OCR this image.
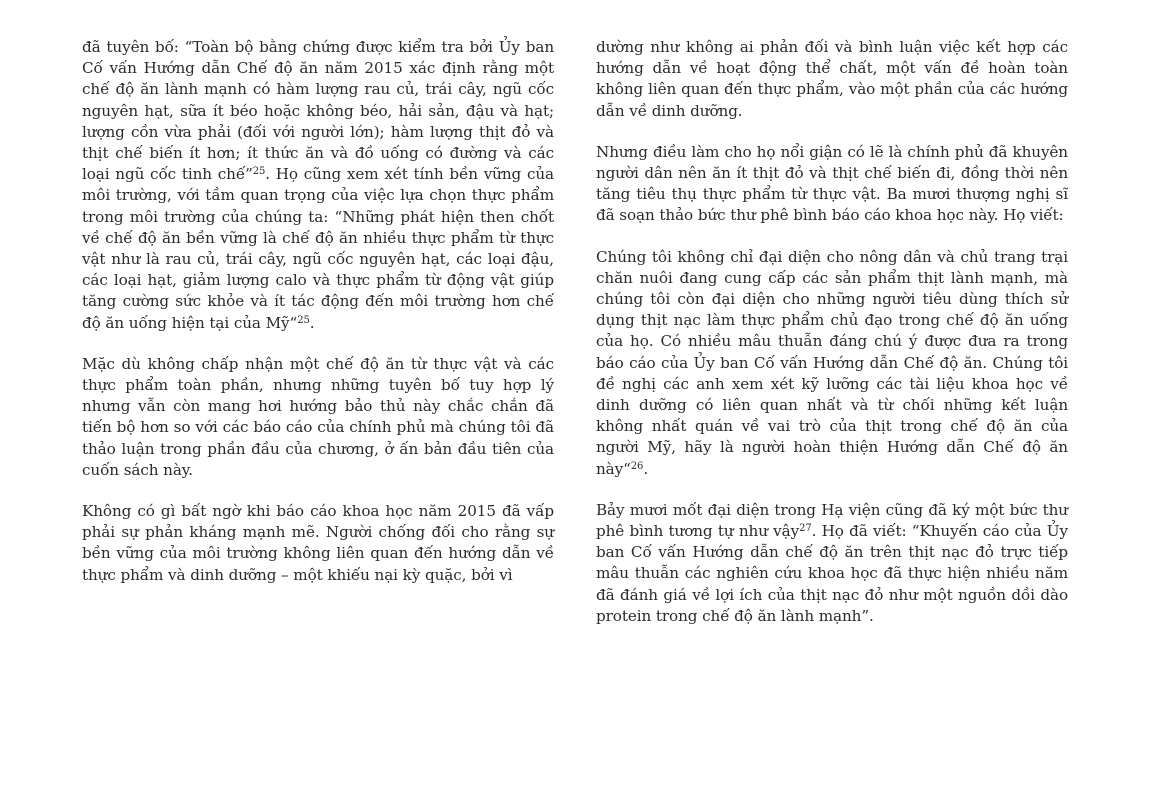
đã tuyên bố: “Toàn bộ bằng chứng được kiểm tra bởi Ủy ban Cố vấn Hướng dẫn Chế độ ăn năm 2015 xác định rằng một chế độ ăn lành mạnh có hàm lượng rau củ, trái cây, ngũ cốc nguyên hạt, sữa ít béo hoặc không béo, hải sản, đậu và hạt; lượng cồn vừa phải (đối với người lớn); hàm lượng thịt đỏ và thịt chế biến ít hơn; ít thức ăn và đồ uống có đường và các loại ngũ cốc tinh chế”$^{25}$. Họ cũng xem xét tính bền vững của môi trường, với tầm quan trọng của việc lựa chọn thực phẩm trong môi trường của chúng ta: “Những phát hiện then chốt về chế độ ăn bền vững là chế độ ăn nhiều thực phẩm từ thực vật như là rau củ, trái cây, ngũ cốc nguyên hạt, các loại đậu, các loại hạt, giảm lượng calo và thực phẩm từ động vật giúp tăng cường sức khỏe và ít tác động đến môi trường hơn chế độ ăn uống hiện tại của Mỹ“$^{25}$.

Mặc dù không chấp nhận một chế độ ăn từ thực vật và các thực phẩm toàn phần, nhưng những tuyên bố tuy hợp lý nhưng vẫn còn mang hơi hướng bảo thủ này chắc chắn đã tiến bộ hơn so với các báo cáo của chính phủ mà chúng tôi đã thảo luận trong phần đầu của chương, ở ấn bản đầu tiên của cuốn sách này.

Không có gì bất ngờ khi báo cáo khoa học năm 2015 đã vấp phải sự phản kháng mạnh mẽ. Người chống đối cho rằng sự bền vững của môi trường không liên quan đến hướng dẫn về thực phẩm và dinh dưỡng – một khiếu nại kỳ quặc, bởi vì

dường như không ai phản đối và bình luận việc kết hợp các hướng dẫn về hoạt động thể chất, một vấn đề hoàn toàn không liên quan đến thực phẩm, vào một phần của các hướng dẫn về dinh dưỡng.

Nhưng điều làm cho họ nổi giận có lẽ là chính phủ đã khuyên người dân nên ăn ít thịt đỏ và thịt chế biến đi, đồng thời nên tăng tiêu thụ thực phẩm từ thực vật. Ba mươi thượng nghị sĩ đã soạn thảo bức thư phê bình báo cáo khoa học này. Họ viết:

Chúng tôi không chỉ đại diện cho nông dân và chủ trang trại chăn nuôi đang cung cấp các sản phẩm thịt lành mạnh, mà chúng tôi còn đại diện cho những người tiêu dùng thích sử dụng thịt nạc làm thực phẩm chủ đạo trong chế độ ăn uống của họ. Có nhiều mâu thuẫn đáng chú ý được đưa ra trong báo cáo của Ủy ban Cố vấn Hướng dẫn Chế độ ăn. Chúng tôi đề nghị các anh xem xét kỹ lưỡng các tài liệu khoa học về dinh dưỡng có liên quan nhất và từ chối những kết luận không nhất quán về vai trò của thịt trong chế độ ăn của người Mỹ, hãy là người hoàn thiện Hướng dẫn Chế độ ăn này“$^{26}$.

Bảy mươi mốt đại diện trong Hạ viện cũng đã ký một bức thư phê bình tương tự như vậy$^{27}$. Họ đã viết: “Khuyến cáo của Ủy ban Cố vấn Hướng dẫn chế độ ăn trên thịt nạc đỏ trực tiếp mâu thuẫn các nghiên cứu khoa học đã thực hiện nhiều năm đã đánh giá về lợi ích của thịt nạc đỏ như một nguồn dồi dào protein trong chế độ ăn lành mạnh”.
